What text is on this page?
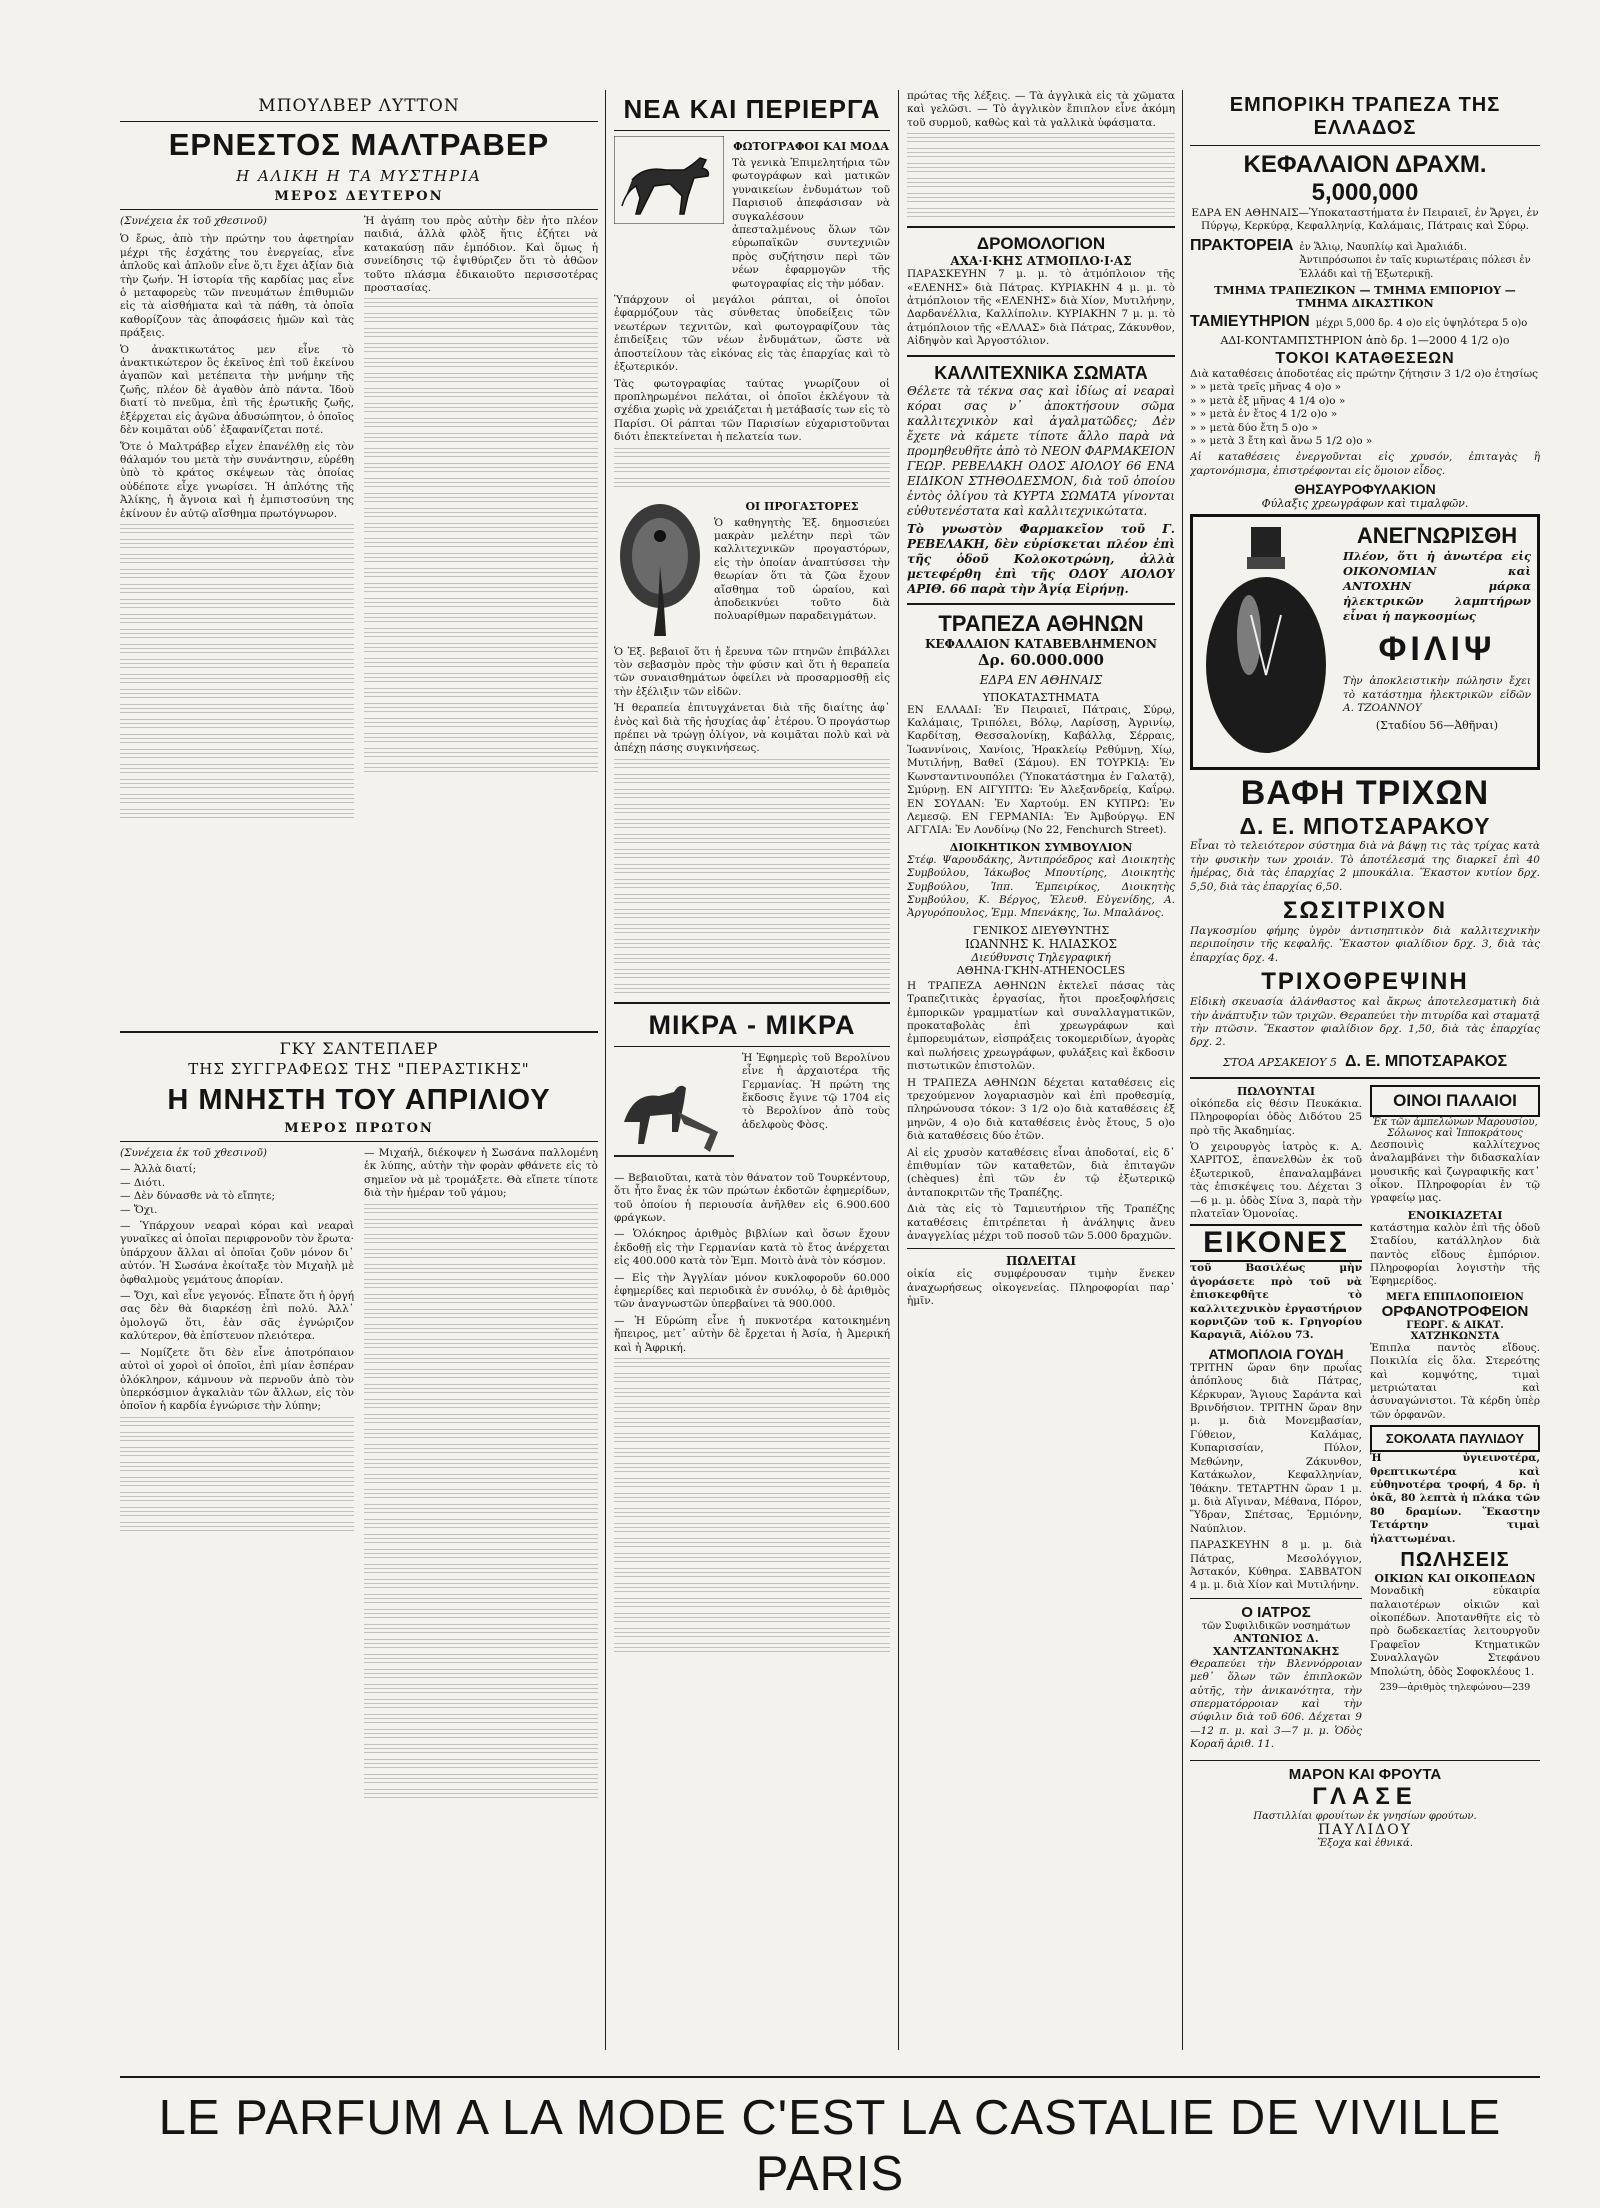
ΜΠΟΥΛΒΕΡ ΛΥΤΤΟΝ
ΕΡΝΕΣΤΟΣ ΜΑΛΤΡΑΒΕΡ
Η ΑΛΙΚΗ Η ΤΑ ΜΥΣΤΗΡΙΑ
ΜΕΡΟΣ ΔΕΥΤΕΡΟΝ

(Συνέχεια ἐκ τοῦ χθεσινοῦ)

Ὁ ἔρως, ἀπὸ τὴν πρώτην του ἀφετηρίαν μέχρι τῆς ἐσχάτης του ἐνεργείας, εἶνε ἀπλοῦς καὶ ἁπλοῦν εἶνε ὅ,τι ἔχει ἀξίαν διὰ τὴν ζωήν. Ἡ ἱστορία τῆς καρδίας μας εἶνε ὁ μεταφορεὺς τῶν πνευμάτων ἐπιθυμιῶν εἰς τὰ αἰσθήματα καὶ τὰ πάθη, τὰ ὁποῖα καθορίζουν τὰς ἀποφάσεις ἡμῶν καὶ τὰς πράξεις.

Ὁ ἀνακτικωτάτος μεν εἶνε τὸ ἀνακτικώτερον ὃς ἐκεῖνος ἐπὶ τοῦ ἐκείνου ἀγαπῶν καὶ μετέπειτα τὴν μνήμην τῆς ζωῆς, πλέον δὲ ἀγαθὸν ἀπὸ πάντα. Ἰδοὺ διατί τὸ πνεῦμα, ἐπὶ τῆς ἐρωτικῆς ζωῆς, ἐξέρχεται εἰς ἀγῶνα ἀδυσώπητον, ὁ ὁποῖος δὲν κοιμᾶται οὐδ᾽ ἐξαφανίζεται ποτέ.

Ὅτε ὁ Μαλτράβερ εἶχεν ἐπανέλθῃ εἰς τὸν θάλαμόν του μετὰ τὴν συνάντησιν, εὑρέθη ὑπὸ τὸ κράτος σκέψεων τὰς ὁποίας οὐδέποτε εἶχε γνωρίσει. Ἡ ἀπλότης τῆς Ἀλίκης, ἡ ἄγνοια καὶ ἡ ἐμπιστοσύνη της ἐκίνουν ἐν αὐτῷ αἴσθημα πρωτόγνωρον.

Ἡ ἀγάπη του πρὸς αὐτὴν δὲν ἦτο πλέον παιδιά, ἀλλὰ φλὸξ ἥτις ἐζήτει νὰ κατακαύσῃ πᾶν ἐμπόδιον. Καὶ ὅμως ἡ συνείδησις τῷ ἐψιθύριζεν ὅτι τὸ ἀθῶον τοῦτο πλάσμα ἐδικαιοῦτο περισσοτέρας προστασίας.

ΓΚΥ ΣΑΝΤΕΠΛΕΡ
ΤΗΣ ΣΥΓΓΡΑΦΕΩΣ ΤΗΣ "ΠΕΡΑΣΤΙΚΗΣ"
Η ΜΝΗΣΤΗ ΤΟΥ ΑΠΡΙΛΙΟΥ
ΜΕΡΟΣ ΠΡΩΤΟΝ

(Συνέχεια ἐκ τοῦ χθεσινοῦ)

— Ἀλλὰ διατί;

— Διότι.

— Δὲν δύνασθε νὰ τὸ εἴπητε;

— Ὄχι.

— Ὑπάρχουν νεαραὶ κόραι καὶ νεαραὶ γυναῖκες αἱ ὁποῖαι περιφρονοῦν τὸν ἔρωτα· ὑπάρχουν ἄλλαι αἱ ὁποῖαι ζοῦν μόνον δι᾽ αὐτόν. Ἡ Σωσάνα ἐκοίταξε τὸν Μιχαὴλ μὲ ὀφθαλμοὺς γεμάτους ἀπορίαν.

— Ὄχι, καὶ εἶνε γεγονός. Εἶπατε ὅτι ἡ ὀργή σας δὲν θὰ διαρκέσῃ ἐπὶ πολύ. Ἀλλ᾽ ὁμολογῶ ὅτι, ἐὰν σᾶς ἐγνώριζον καλύτερον, θὰ ἐπίστευον πλειότερα.

— Νομίζετε ὅτι δὲν εἶνε ἀποτρόπαιον αὐτοὶ οἱ χοροὶ οἱ ὁποῖοι, ἐπὶ μίαν ἑσπέραν ὁλόκληρον, κάμνουν νὰ περνοῦν ἀπὸ τὸν ὑπερκόσμιον ἀγκαλιὰν τῶν ἄλλων, εἰς τὸν ὁποῖον ἡ καρδία ἐγνώρισε τὴν λύπην;

— Μιχαήλ, διέκοψεν ἡ Σωσάνα παλλομένη ἐκ λύπης, αὐτὴν τὴν φορὰν φθάνετε εἰς τὸ σημεῖον νὰ μὲ τρομάξετε. Θὰ εἴπετε τίποτε διὰ τὴν ἡμέραν τοῦ γάμου;

ΝΕΑ ΚΑΙ ΠΕΡΙΕΡΓΑ
ΦΩΤΟΓΡΑΦΟΙ ΚΑΙ ΜΟΔΑ

Τὰ γενικὰ Ἐπιμελητήρια τῶν φωτογράφων καὶ ματικῶν γυναικείων ἐνδυμάτων τοῦ Παρισιοῦ ἀπεφάσισαν νὰ συγκαλέσουν ἀπεσταλμένους ὅλων τῶν εὐρωπαϊκῶν συντεχνιῶν πρὸς συζήτησιν περὶ τῶν νέων ἐφαρμογῶν τῆς φωτογραφίας εἰς τὴν μόδαν.

Ὑπάρχουν οἱ μεγάλοι ράπται, οἱ ὁποῖοι ἐφαρμόζουν τὰς σύνθετας ὑποδείξεις τῶν νεωτέρων τεχνιτῶν, καὶ φωτογραφίζουν τὰς ἐπιδείξεις τῶν νέων ἐνδυμάτων, ὥστε νὰ ἀποστείλουν τὰς εἰκόνας εἰς τὰς ἐπαρχίας καὶ τὸ ἐξωτερικόν.

Τὰς φωτογραφίας ταύτας γνωρίζουν οἱ προπληρωμένοι πελάται, οἱ ὁποῖοι ἐκλέγουν τὰ σχέδια χωρὶς νὰ χρειάζεται ἡ μετάβασίς των εἰς τὸ Παρίσι. Οἱ ράπται τῶν Παρισίων εὐχαριστοῦνται διότι ἐπεκτείνεται ἡ πελατεία των.

ΟΙ ΠΡΟΓΑΣΤΟΡΕΣ

Ὁ καθηγητὴς Ἑξ. δημοσιεύει μακρὰν μελέτην περὶ τῶν καλλιτεχνικῶν προγαστόρων, εἰς τὴν ὁποίαν ἀναπτύσσει τὴν θεωρίαν ὅτι τὰ ζῶα ἔχουν αἴσθημα τοῦ ὡραίου, καὶ ἀποδεικνύει τοῦτο διὰ πολυαρίθμων παραδειγμάτων.

Ὁ Ἑξ. βεβαιοῖ ὅτι ἡ ἔρευνα τῶν πτηνῶν ἐπιβάλλει τὸν σεβασμὸν πρὸς τὴν φύσιν καὶ ὅτι ἡ θεραπεία τῶν συναισθημάτων ὀφείλει νὰ προσαρμοσθῇ εἰς τὴν ἐξέλιξιν τῶν εἰδῶν.

Ἡ θεραπεία ἐπιτυγχάνεται διὰ τῆς διαίτης ἀφ᾽ ἑνὸς καὶ διὰ τῆς ἡσυχίας ἀφ᾽ ἑτέρου. Ὁ προγάστωρ πρέπει νὰ τρώγῃ ὀλίγον, νὰ κοιμᾶται πολὺ καὶ νὰ ἀπέχῃ πάσης συγκινήσεως.

ΜΙΚΡΑ - ΜΙΚΡΑ

Ἡ Ἐφημερὶς τοῦ Βερολίνου εἶνε ἡ ἀρχαιοτέρα τῆς Γερμανίας. Ἡ πρώτη της ἔκδοσις ἔγινε τῷ 1704 εἰς τὸ Βερολίνον ἀπὸ τοὺς ἀδελφοὺς Φὸσς.

— Βεβαιοῦται, κατὰ τὸν θάνατον τοῦ Τουρκέντουρ, ὅτι ἦτο ἔνας ἐκ τῶν πρώτων ἐκδοτῶν ἐφημερίδων, τοῦ ὁποίου ἡ περιουσία ἀνῆλθεν εἰς 6.900.600 φράγκων.

— Ὁλόκηρος ἀριθμὸς βιβλίων καὶ ὅσων ἔχουν ἐκδοθῇ εἰς τὴν Γερμανίαν κατὰ τὸ ἔτος ἀνέρχεται εἰς 400.000 κατὰ τὸν Ἑμπ. Μοιτὸ ἀνὰ τὸν κόσμον.

— Εἰς τὴν Ἀγγλίαν μόνον κυκλοφοροῦν 60.000 ἐφημερίδες καὶ περιοδικὰ ἐν συνόλῳ, ὁ δὲ ἀριθμὸς τῶν ἀναγνωστῶν ὑπερβαίνει τὰ 900.000.

— Ἡ Εὐρώπη εἶνε ἡ πυκνοτέρα κατοικημένη ἤπειρος, μετ᾽ αὐτὴν δὲ ἔρχεται ἡ Ἀσία, ἡ Ἀμερική καὶ ἡ Ἀφρική.

πρώτας τῆς λέξεις. — Τὰ ἀγγλικὰ εἰς τὰ χῶματα καὶ γελῶσι. — Τὸ ἀγγλικὸν ἔπιπλον εἶνε ἀκόμη τοῦ συρμοῦ, καθὼς καὶ τὰ γαλλικὰ ὑφάσματα.

ΔΡΟΜΟΛΟΓΙΟΝ
ΑΧΑ·Ι·ΚΗΣ ΑΤΜΟΠΛΟ·Ι·ΑΣ

ΠΑΡΑΣΚΕΥΗΝ 7 μ. μ. τὸ ἀτμόπλοιον τῆς «ΕΛΕΝΗΣ» διὰ Πάτρας. ΚΥΡΙΑΚΗΝ 4 μ. μ. τὸ ἀτμόπλοιον τῆς «ΕΛΕΝΗΣ» διὰ Χίον, Μυτιλήνην, Δαρδανέλλια, Καλλίπολιν. ΚΥΡΙΑΚΗΝ 7 μ. μ. τὸ ἀτμόπλοιον τῆς «ΕΛΛΑΣ» διὰ Πάτρας, Ζάκυνθον, Αἰδηψὸν καὶ Ἀργοστόλιον.

ΚΑΛΛΙΤΕΧΝΙΚΑ ΣΩΜΑΤΑ

Θέλετε τὰ τέκνα σας καὶ ἰδίως αἱ νεαραὶ κόραι σας ν᾽ ἀποκτήσουν σῶμα καλλιτεχνικὸν καὶ ἀγαλματῶδες; Δὲν ἔχετε νὰ κάμετε τίποτε ἄλλο παρὰ νὰ προμηθευθῆτε ἀπὸ τὸ ΝΕΟΝ ΦΑΡΜΑΚΕΙΟΝ ΓΕΩΡ. ΡΕΒΕΛΑΚΗ ΟΔΟΣ ΑΙΟΛΟΥ 66 ΕΝΑ ΕΙΔΙΚΟΝ ΣΤΗΘΟΔΕΣΜΟΝ, διὰ τοῦ ὁποίου ἐντὸς ὀλίγου τὰ ΚΥΡΤΑ ΣΩΜΑΤΑ γίνονται εὐθυτενέστατα καὶ καλλιτεχνικώτατα.

Τὸ γνωστὸν Φαρμακεῖον τοῦ Γ. ΡΕΒΕΛΑΚΗ, δὲν εὑρίσκεται πλέον ἐπὶ τῆς ὁδοῦ Κολοκοτρώνη, ἀλλὰ μετεφέρθη ἐπὶ τῆς ΟΔΟΥ ΑΙΟΛΟΥ ΑΡΙΘ. 66 παρὰ τὴν Ἁγίᾳ Εἰρήνῃ.

ΤΡΑΠΕΖΑ ΑΘΗΝΩΝ
ΚΕΦΑΛΑΙΟΝ ΚΑΤΑΒΕΒΛΗΜΕΝΟΝ
Δρ. 60.000.000
ΕΔΡΑ ΕΝ ΑΘΗΝΑΙΣ
ΥΠΟΚΑΤΑΣΤΗΜΑΤΑ

ΕΝ ΕΛΛΑΔΙ: Ἐν Πειραιεῖ, Πάτραις, Σύρῳ, Καλάμαις, Τριπόλει, Βόλῳ, Λαρίσσῃ, Ἀγρινίῳ, Καρδίτσῃ, Θεσσαλονίκῃ, Καβάλλᾳ, Σέρραις, Ἰωαννίνοις, Χανίοις, Ἡρακλείῳ Ρεθύμνῃ, Χίῳ, Μυτιλήνῃ, Βαθεῖ (Σάμου). ΕΝ ΤΟΥΡΚΙᾼ: Ἐν Κωνσταντινουπόλει (Ὑποκατάστημα ἐν Γαλατᾷ), Σμύρνῃ. ΕΝ ΑΙΓΥΠΤΩ: Ἐν Ἀλεξανδρείᾳ, Καΐρῳ. ΕΝ ΣΟΥΔΑΝ: Ἐν Χαρτούμ. ΕΝ ΚΥΠΡΩ: Ἐν Λεμεσῷ. ΕΝ ΓΕΡΜΑΝΙΑ: Ἐν Ἀμβούργῳ. ΕΝ ΑΓΓΛΙΑ: Ἐν Λονδίνῳ (Νο 22, Fenchurch Street).

ΔΙΟΙΚΗΤΙΚΟΝ ΣΥΜΒΟΥΛΙΟΝ

Στέφ. Ψαρουδάκης, Ἀντιπρόεδρος καὶ Διοικητὴς Συμβούλου, Ἰάκωβος Μπουτίρης, Διοικητὴς Συμβούλου, Ἰππ. Ἐμπειρίκος, Διοικητὴς Συμβούλου, Κ. Βέργος, Ἐλευθ. Εὐγενίδης, Α. Ἀργυρόπουλος, Ἐμμ. Μπενάκης, Ἰω. Μπαλάνος.

ΓΕΝΙΚΟΣ ΔΙΕΥΘΥΝΤΗΣ
ΙΩΑΝΝΗΣ Κ. ΗΛΙΑΣΚΟΣ
Διεύθυνσις Τηλεγραφική
ΑΘΗΝΑ·ΓΚΗΝ-ATHENOCLES

Η ΤΡΑΠΕΖΑ ΑΘΗΝΩΝ ἐκτελεῖ πάσας τὰς Τραπεζιτικὰς ἐργασίας, ἤτοι προεξοφλήσεις ἐμπορικῶν γραμματίων καὶ συναλλαγματικῶν, προκαταβολὰς ἐπὶ χρεωγράφων καὶ ἐμπορευμάτων, εἰσπράξεις τοκομεριδίων, ἀγορὰς καὶ πωλήσεις χρεωγράφων, φυλάξεις καὶ ἔκδοσιν πιστωτικῶν ἐπιστολῶν.

Η ΤΡΑΠΕΖΑ ΑΘΗΝΩΝ δέχεται καταθέσεις εἰς τρεχούμενον λογαριασμὸν καὶ ἐπὶ προθεσμίᾳ, πληρώνουσα τόκον: 3 1/2 ο)ο διὰ καταθέσεις ἐξ μηνῶν, 4 ο)ο διὰ καταθέσεις ἑνὸς ἔτους, 5 ο)ο διὰ καταθέσεις δύο ἐτῶν.

Αἱ εἰς χρυσὸν καταθέσεις εἶναι ἀποδοταί, εἰς δ᾽ ἐπιθυμίαν τῶν καταθετῶν, διὰ ἐπιταγῶν (chèques) ἐπὶ τῶν ἐν τῷ ἐξωτερικῷ ἀνταποκριτῶν τῆς Τραπέζης.

Διὰ τὰς εἰς τὸ Ταμιευτήριον τῆς Τραπέζης καταθέσεις ἐπιτρέπεται ἡ ἀνάληψις ἄνευ ἀναγγελίας μέχρι τοῦ ποσοῦ τῶν 5.000 δραχμῶν.

ΠΩΛΕΙΤΑΙ

οἰκία εἰς συμφέρουσαν τιμὴν ἕνεκεν ἀναχωρήσεως οἰκογενείας. Πληροφορίαι παρ᾽ ἡμῖν.

ΕΜΠΟΡΙΚΗ ΤΡΑΠΕΖΑ ΤΗΣ ΕΛΛΑΔΟΣ
ΚΕΦΑΛΑΙΟΝ ΔΡΑΧΜ. 5,000,000

ΕΔΡΑ ΕΝ ΑΘΗΝΑΙΣ—Ὑποκαταστήματα ἐν Πειραιεῖ, ἐν Ἄργει, ἐν Πύργῳ, Κερκύρᾳ, Κεφαλληνίᾳ, Καλάμαις, Πάτραις καὶ Σύρῳ.

ΠΡΑΚΤΟΡΕΙΑ ἐν Ἅλιῳ, Ναυπλίῳ καὶ Ἀμαλιάδι. Ἀντιπρόσωποι ἐν ταῖς κυριωτέραις πόλεσι ἐν Ἑλλάδι καὶ τῇ Ἐξωτερικῇ.
ΤΜΗΜΑ ΤΡΑΠΕΖΙΚΟΝ — ΤΜΗΜΑ ΕΜΠΟΡΙΟΥ — ΤΜΗΜΑ ΔΙΚΑΣΤΙΚΟΝ
ΤΑΜΙΕΥΤΗΡΙΟΝ μέχρι 5,000 δρ. 4 ο)ο εἰς ὑψηλότερα 5 ο)ο
ΑΔΙ-ΚΟΝΤΑΜΠΣΤΗΡΙΟΝ ἀπὸ δρ. 1—2000 4 1/2 ο)ο
ΤΟΚΟΙ ΚΑΤΑΘΕΣΕΩΝ
Διὰ καταθέσεις ἀποδοτέας εἰς πρώτην ζήτησιν 3 1/2 ο)ο ἐτησίως
» » μετὰ τρεῖς μῆνας 4 ο)ο »
» » μετὰ ἐξ μῆνας 4 1/4 ο)ο »
» » μετὰ ἐν ἔτος 4 1/2 ο)ο »
» » μετὰ δύο ἔτη 5 ο)ο »
» » μετὰ 3 ἔτη καὶ ἄνω 5 1/2 ο)ο »

Αἱ καταθέσεις ἐνεργοῦνται εἰς χρυσόν, ἐπιταγὰς ἢ χαρτονόμισμα, ἐπιστρέφονται εἰς ὅμοιον εἶδος.

ΘΗΣΑΥΡΟΦΥΛΑΚΙΟΝ
Φύλαξις χρεωγράφων καὶ τιμαλφῶν.
ΑΝΕΓΝΩΡΙΣΘΗ

Πλέον, ὅτι ἡ ἀνωτέρα εἰς ΟΙΚΟΝΟΜΙΑΝ καὶ ΑΝΤΟΧΗΝ μάρκα ἠλεκτρικῶν λαμπτήρων εἶναι ἡ παγκοσμίως

ΦΙΛΙΨ

Τὴν ἀποκλειστικὴν πώλησιν ἔχει τὸ κατάστημα ἠλεκτρικῶν εἰδῶν Α. ΤΖΟΑΝΝΟΥ

(Σταδίου 56—Ἀθῆναι)
ΒΑΦΗ ΤΡΙΧΩΝ
Δ. Ε. ΜΠΟΤΣΑΡΑΚΟΥ

Εἶναι τὸ τελειότερον σύστημα διὰ νὰ βάψῃ τις τὰς τρίχας κατὰ τὴν φυσικὴν των χροιάν. Τὸ ἀποτέλεσμά της διαρκεῖ ἐπὶ 40 ἡμέρας, διὰ τὰς ἐπαρχίας 2 μπουκάλια. Ἕκαστον κυτίον δρχ. 5,50, διὰ τὰς ἐπαρχίας 6,50.

ΣΩΣΙΤΡΙΧΟΝ

Παγκοσμίου φήμης ὑγρὸν ἀντισηπτικὸν διὰ καλλιτεχνικὴν περιποίησιν τῆς κεφαλῆς. Ἕκαστον φιαλίδιον δρχ. 3, διὰ τὰς ἐπαρχίας δρχ. 4.

ΤΡΙΧΟΘΡΕΨΙΝΗ

Εἰδικὴ σκευασία ἀλάνθαστος καὶ ἄκρως ἀποτελεσματικὴ διὰ τὴν ἀνάπτυξιν τῶν τριχῶν. Θεραπεύει τὴν πιτυρίδα καὶ σταματᾷ τὴν πτῶσιν. Ἕκαστον φιαλίδιον δρχ. 1,50, διὰ τὰς ἐπαρχίας δρχ. 2.

ΣΤΟΑ ΑΡΣΑΚΕΙΟΥ 5 Δ. Ε. ΜΠΟΤΣΑΡΑΚΟΣ
ΠΩΛΟΥΝΤΑΙ

οἰκόπεδα εἰς θέσιν Πευκάκια. Πληροφορίαι ὁδὸς Διδότου 25 πρὸ τῆς Ἀκαδημίας.

Ὁ χειρουργὸς ἰατρὸς κ. Α. ΧΑΡΙΤΟΣ, ἐπανελθὼν ἐκ τοῦ ἐξωτερικοῦ, ἐπαναλαμβάνει τὰς ἐπισκέψεις του. Δέχεται 3—6 μ. μ. ὁδὸς Σίνα 3, παρὰ τὴν πλατεῖαν Ὁμονοίας.

ΕΙΚΟΝΕΣ

τοῦ Βασιλέως μὴν ἀγοράσετε πρὸ τοῦ νὰ ἐπισκεφθῆτε τὸ καλλιτεχνικὸν ἐργαστήριον κορνιζῶν τοῦ κ. Γρηγορίου Καραγιᾶ, Αἰόλου 73.

ΑΤΜΟΠΛΟΙΑ ΓΟΥΔΗ

ΤΡΙΤΗΝ ὥραν 6ην πρωΐας ἀπόπλους διὰ Πάτρας, Κέρκυραν, Ἅγιους Σαράντα καὶ Βρινδήσιον. ΤΡΙΤΗΝ ὥραν 8ην μ. μ. διὰ Μονεμβασίαν, Γύθειον, Καλάμας, Κυπαρισσίαν, Πύλον, Μεθώνην, Ζάκυνθον, Κατάκωλον, Κεφαλληνίαν, Ἰθάκην. ΤΕΤΑΡΤΗΝ ὥραν 1 μ. μ. διὰ Αἴγιναν, Μέθανα, Πόρον, Ὕδραν, Σπέτσας, Ἑρμιόνην, Ναύπλιον.

ΠΑΡΑΣΚΕΥΗΝ 8 μ. μ. διὰ Πάτρας, Μεσολόγγιον, Ἀστακόν, Κύθηρα. ΣΑΒΒΑΤΟΝ 4 μ. μ. διὰ Χίον καὶ Μυτιλήνην.

Ο ΙΑΤΡΟΣ
τῶν Συφιλιδικῶν νοσημάτων
ΑΝΤΩΝΙΟΣ Δ. ΧΑΝΤΖΑΝΤΩΝΑΚΗΣ

Θεραπεύει τὴν Βλεννόρροιαν μεθ᾽ ὅλων τῶν ἐπιπλοκῶν αὐτῆς, τὴν ἀνικανότητα, τὴν σπερματόρροιαν καὶ τὴν σύφιλιν διὰ τοῦ 606. Δέχεται 9—12 π. μ. καὶ 3—7 μ. μ. Ὁδὸς Κοραῆ ἀριθ. 11.

ΟΙΝΟΙ ΠΑΛΑΙΟΙ
Ἐκ τῶν ἀμπελώνων Μαρουσίου, Σόλωνος καὶ Ἱπποκράτους

Δεσποινὶς καλλίτεχνος ἀναλαμβάνει τὴν διδασκαλίαν μουσικῆς καὶ ζωγραφικῆς κατ᾽ οἶκον. Πληροφορίαι ἐν τῷ γραφείῳ μας.

ΕΝΟΙΚΙΑΖΕΤΑΙ

κατάστημα καλὸν ἐπὶ τῆς ὁδοῦ Σταδίου, κατάλληλον διὰ παντὸς εἴδους ἐμπόριον. Πληροφορίαι λογιστὴν τῆς Ἑφημερίδος.

ΜΕΓΑ ΕΠΙΠΛΟΠΟΙΕΙΟΝ
ΟΡΦΑΝΟΤΡΟΦΕΙΟΝ
ΓΕΩΡΓ. & ΑΙΚΑΤ. ΧΑΤΖΗΚΩΝΣΤΑ

Ἐπιπλα παντὸς εἴδους. Ποικιλία εἰς ὅλα. Στερεότης καὶ κομψότης, τιμαὶ μετριώταται καὶ ἀσυναγώνιστοι. Τὰ κέρδη ὑπὲρ τῶν ὀρφανῶν.

ΣΟΚΟΛΑΤΑ ΠΑΥΛΙΔΟΥ

Ἡ ὑγιεινοτέρα, θρεπτικωτέρα καὶ εὐθηνοτέρα τροφή, 4 δρ. ἡ ὀκᾶ, 80 λεπτὰ ἡ πλάκα τῶν 80 δραμίων. Ἕκαστην Τετάρτην τιμαὶ ἡλαττωμέναι.

ΠΩΛΗΣΕΙΣ
ΟΙΚΙΩΝ ΚΑΙ ΟΙΚΟΠΕΔΩΝ

Μοναδικὴ εὐκαιρία παλαιοτέρων οἰκιῶν καὶ οἰκοπέδων. Ἀποτανθῆτε εἰς τὸ πρὸ δωδεκαετίας λειτουργοῦν Γραφεῖον Κτηματικῶν Συναλλαγῶν Στεφάνου Μπολώτη, ὁδὸς Σοφοκλέους 1.

239—ἀριθμὸς τηλεφώνου—239
ΜΑΡΟΝ ΚΑΙ ΦΡΟΥΤΑ
ΓΛΑΣΕ
Παστιλλίαι φρουίτων ἐκ γνησίων φρούτων.
ΠΑΥΛΙΔΟΥ
Ἔξοχα καὶ ἐθνικά.
LE PARFUM A LA MODE C'EST LA CASTALIE DE VIVILLE PARIS
